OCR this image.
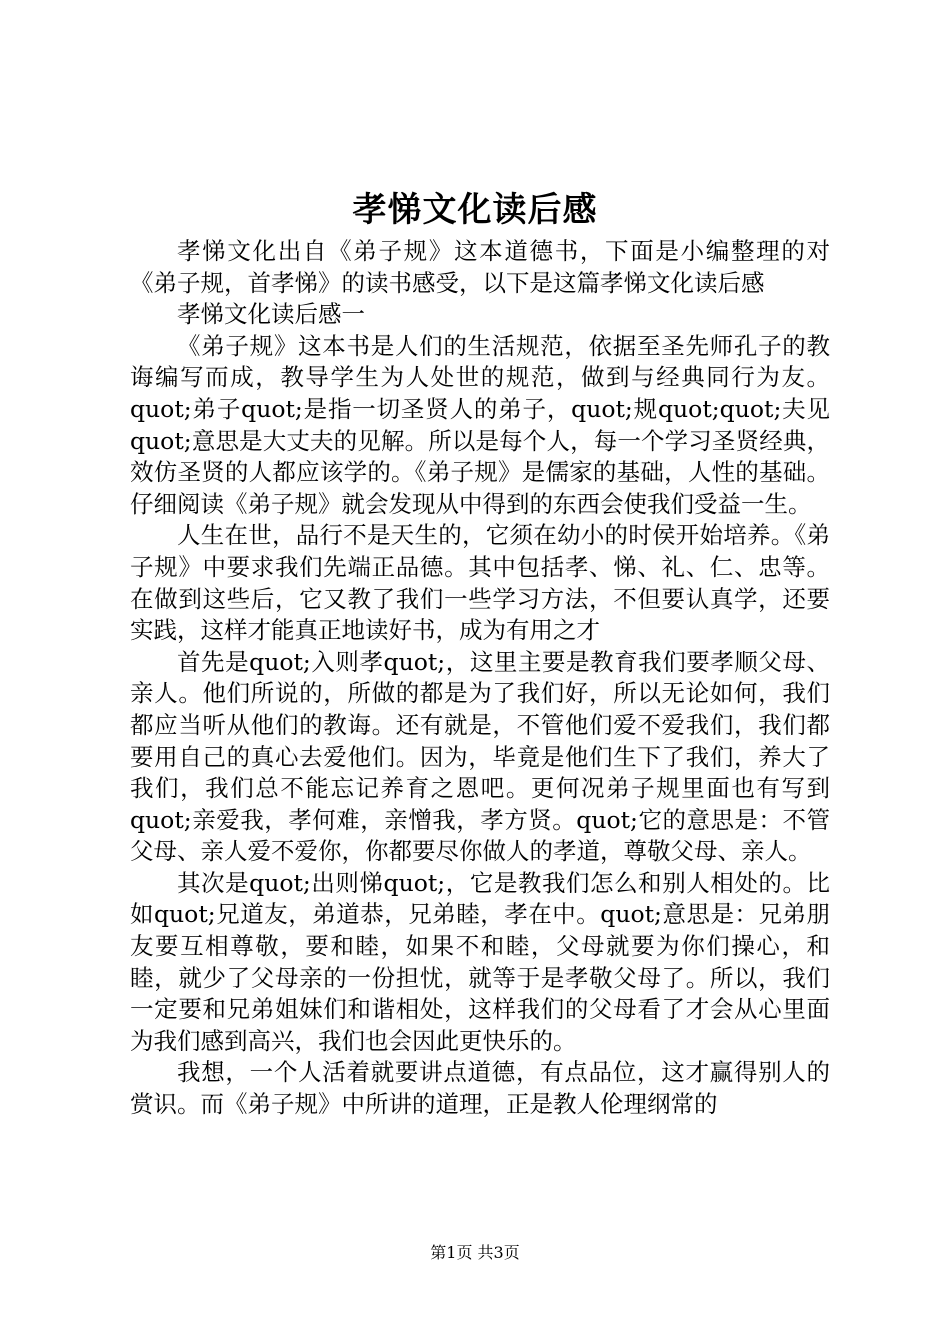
孝悌文化读后感

孝悌文化出自《弟子规》这本道德书，下面是小编整理的对《弟子规，首孝悌》的读书感受，以下是这篇孝悌文化读后感

孝悌文化读后感一

《弟子规》这本书是人们的生活规范，依据至圣先师孔子的教诲编写而成，教导学生为人处世的规范，做到与经典同行为友。quot;弟子quot;是指一切圣贤人的弟子，quot;规quot;quot;夫见quot;意思是大丈夫的见解。所以是每个人，每一个学习圣贤经典，效仿圣贤的人都应该学的。《弟子规》是儒家的基础，人性的基础。仔细阅读《弟子规》就会发现从中得到的东西会使我们受益一生。

人生在世，品行不是天生的，它须在幼小的时侯开始培养。《弟子规》中要求我们先端正品德。其中包括孝、悌、礼、仁、忠等。在做到这些后，它又教了我们一些学习方法，不但要认真学，还要实践，这样才能真正地读好书，成为有用之才

首先是quot;入则孝quot;，这里主要是教育我们要孝顺父母、亲人。他们所说的，所做的都是为了我们好，所以无论如何，我们都应当听从他们的教诲。还有就是，不管他们爱不爱我们，我们都要用自己的真心去爱他们。因为，毕竟是他们生下了我们，养大了我们，我们总不能忘记养育之恩吧。更何况弟子规里面也有写到quot;亲爱我，孝何难，亲憎我，孝方贤。quot;它的意思是：不管父母、亲人爱不爱你，你都要尽你做人的孝道，尊敬父母、亲人。

其次是quot;出则悌quot;，它是教我们怎么和别人相处的。比如quot;兄道友，弟道恭，兄弟睦，孝在中。quot;意思是：兄弟朋友要互相尊敬，要和睦，如果不和睦，父母就要为你们操心，和睦，就少了父母亲的一份担忧，就等于是孝敬父母了。所以，我们一定要和兄弟姐妹们和谐相处，这样我们的父母看了才会从心里面为我们感到高兴，我们也会因此更快乐的。

我想，一个人活着就要讲点道德，有点品位，这才赢得别人的赏识。而《弟子规》中所讲的道理，正是教人伦理纲常的

第1页 共3页
